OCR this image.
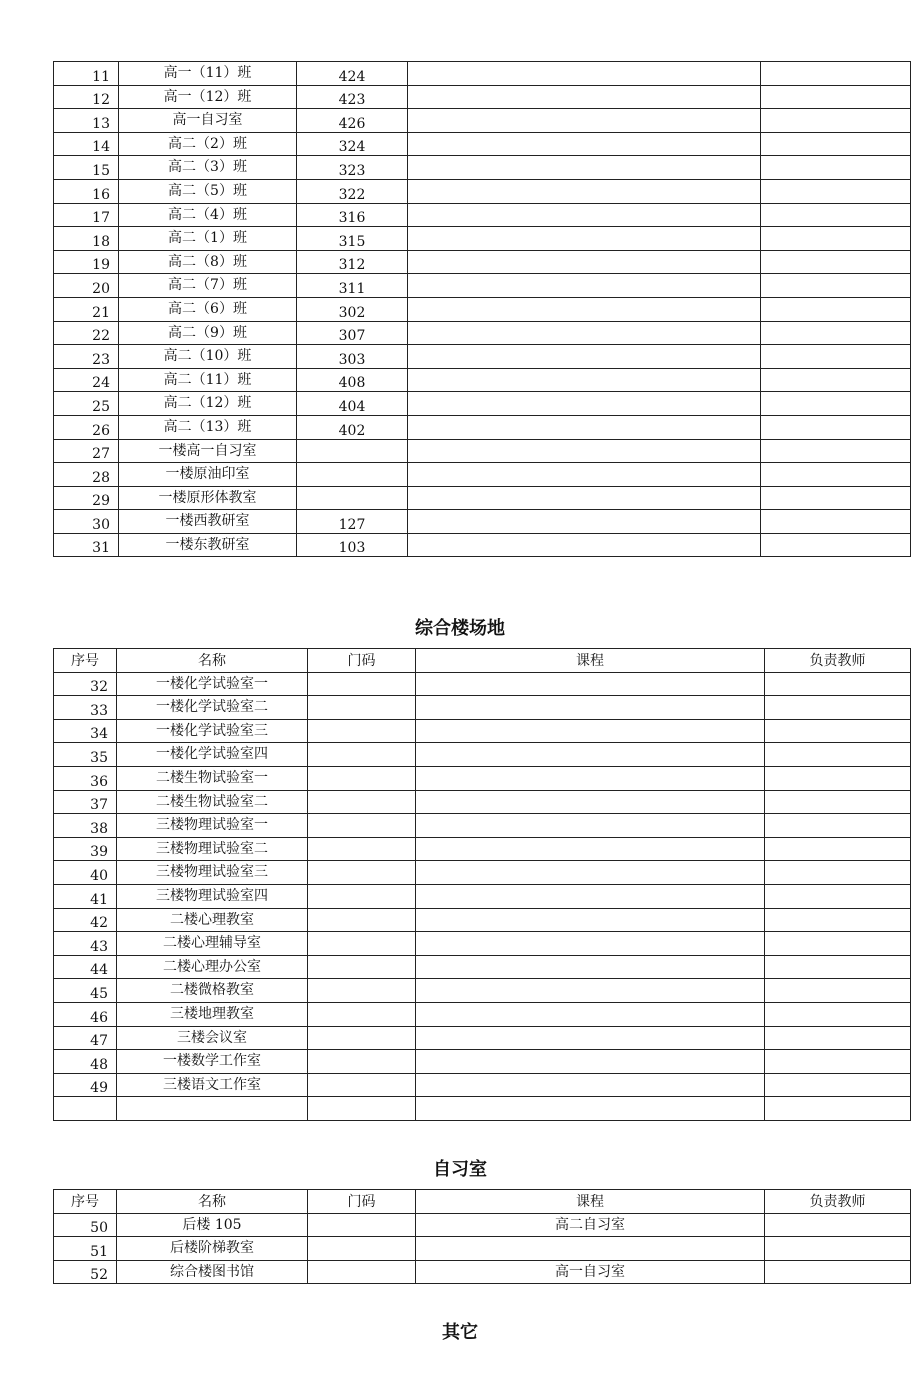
11	高一（11）班	424		
12	高一（12）班	423		
13	高一自习室	426		
14	高二（2）班	324		
15	高二（3）班	323		
16	高二（5）班	322		
17	高二（4）班	316		
18	高二（1）班	315		
19	高二（8）班	312		
20	高二（7）班	311		
21	高二（6）班	302		
22	高二（9）班	307		
23	高二（10）班	303		
24	高二（11）班	408		
25	高二（12）班	404		
26	高二（13）班	402		
27	一楼高一自习室			
28	一楼原油印室			
29	一楼原形体教室			
30	一楼西教研室	127		
31	一楼东教研室	103		
综合楼场地
序号	名称	门码	课程	负责教师
32	一楼化学试验室一			
33	一楼化学试验室二			
34	一楼化学试验室三			
35	一楼化学试验室四			
36	二楼生物试验室一			
37	二楼生物试验室二			
38	三楼物理试验室一			
39	三楼物理试验室二			
40	三楼物理试验室三			
41	三楼物理试验室四			
42	二楼心理教室			
43	二楼心理辅导室			
44	二楼心理办公室			
45	二楼微格教室			
46	三楼地理教室			
47	三楼会议室			
48	一楼数学工作室			
49	三楼语文工作室			

自习室
序号	名称	门码	课程	负责教师
50	后楼 105		高二自习室	
51	后楼阶梯教室			
52	综合楼图书馆		高一自习室	
其它
